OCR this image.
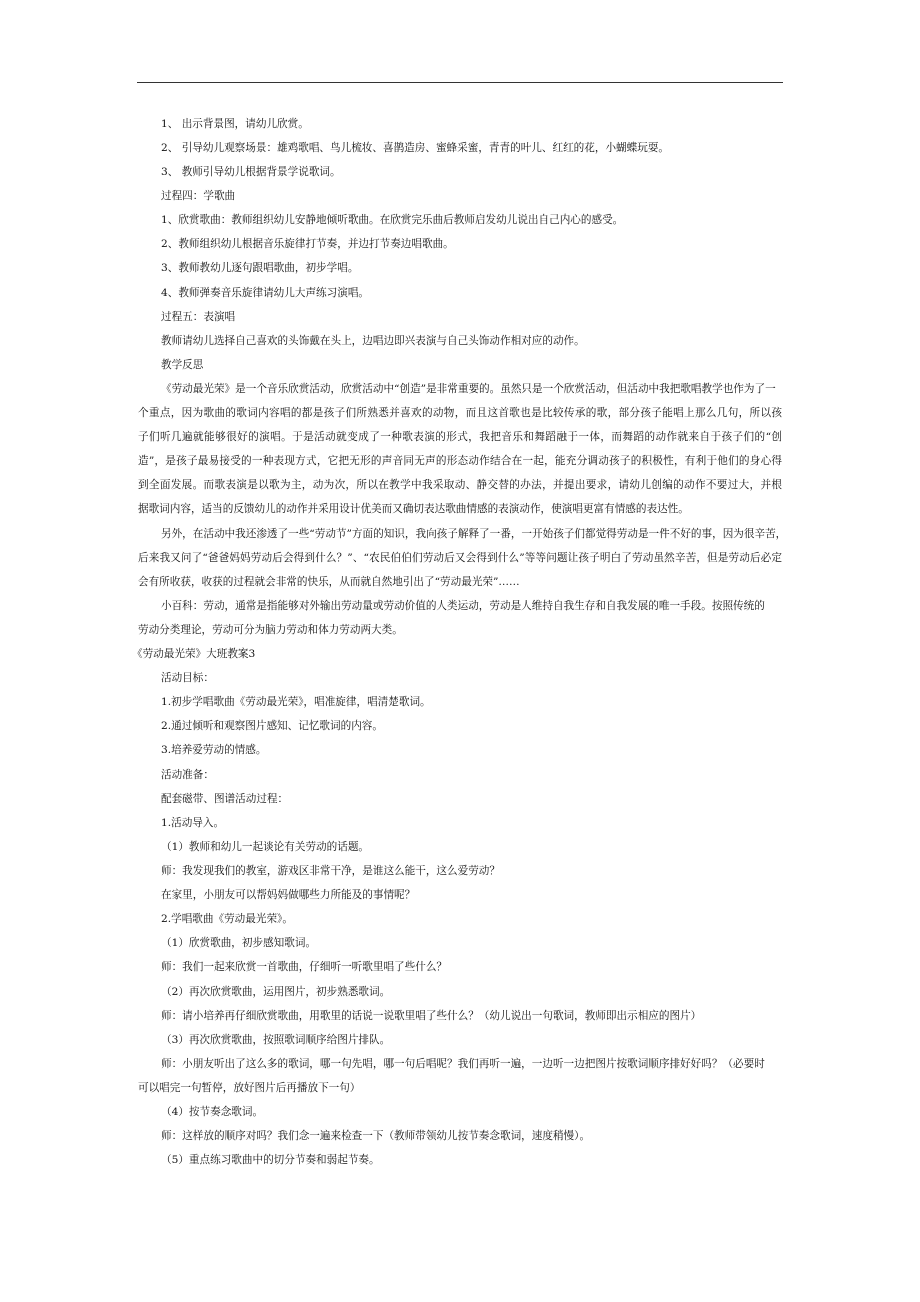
1、 出示背景图，请幼儿欣赏。
2、 引导幼儿观察场景：雄鸡歌唱、鸟儿梳妆、喜鹊造房、蜜蜂采蜜，青青的叶儿、红红的花，小蝴蝶玩耍。
3、 教师引导幼儿根据背景学说歌词。
过程四：学歌曲
1、欣赏歌曲：教师组织幼儿安静地倾听歌曲。在欣赏完乐曲后教师启发幼儿说出自己内心的感受。
2、教师组织幼儿根据音乐旋律打节奏，并边打节奏边唱歌曲。
3、教师教幼儿逐句跟唱歌曲，初步学唱。
4、教师弹奏音乐旋律请幼儿大声练习演唱。
过程五：表演唱
教师请幼儿选择自己喜欢的头饰戴在头上，边唱边即兴表演与自己头饰动作相对应的动作。
教学反思
《劳动最光荣》是一个音乐欣赏活动，欣赏活动中“创造”是非常重要的。虽然只是一个欣赏活动，但活动中我把歌唱教学也作为了一
个重点，因为歌曲的歌词内容唱的都是孩子们所熟悉并喜欢的动物，而且这首歌也是比较传承的歌，部分孩子能唱上那么几句，所以孩
子们听几遍就能够很好的演唱。于是活动就变成了一种歌表演的形式，我把音乐和舞蹈融于一体，而舞蹈的动作就来自于孩子们的“创
造”，是孩子最易接受的一种表现方式，它把无形的声音同无声的形态动作结合在一起，能充分调动孩子的积极性，有利于他们的身心得
到全面发展。而歌表演是以歌为主，动为次，所以在教学中我采取动、静交替的办法，并提出要求，请幼儿创编的动作不要过大，并根
据歌词内容，适当的反馈幼儿的动作并采用设计优美而又确切表达歌曲情感的表演动作，使演唱更富有情感的表达性。
另外，在活动中我还渗透了一些“劳动节”方面的知识，我向孩子解释了一番，一开始孩子们都觉得劳动是一件不好的事，因为很辛苦，
后来我又问了“爸爸妈妈劳动后会得到什么？”、“农民伯伯们劳动后又会得到什么”等等问题让孩子明白了劳动虽然辛苦，但是劳动后必定
会有所收获，收获的过程就会非常的快乐，从而就自然地引出了“劳动最光荣”……
小百科：劳动，通常是指能够对外输出劳动量或劳动价值的人类运动，劳动是人维持自我生存和自我发展的唯一手段。按照传统的
劳动分类理论，劳动可分为脑力劳动和体力劳动两大类。
《劳动最光荣》大班教案3
活动目标：
1.初步学唱歌曲《劳动最光荣》，唱准旋律，唱清楚歌词。
2.通过倾听和观察图片感知、记忆歌词的内容。
3.培养爱劳动的情感。
活动准备：
配套磁带、图谱活动过程：
1.活动导入。
（1）教师和幼儿一起谈论有关劳动的话题。
师：我发现我们的教室，游戏区非常干净，是谁这么能干，这么爱劳动？
在家里，小朋友可以帮妈妈做哪些力所能及的事情呢？
2.学唱歌曲《劳动最光荣》。
（1）欣赏歌曲，初步感知歌词。
师：我们一起来欣赏一首歌曲，仔细听一听歌里唱了些什么？
（2）再次欣赏歌曲，运用图片，初步熟悉歌词。
师：请小培养再仔细欣赏歌曲，用歌里的话说一说歌里唱了些什么？（幼儿说出一句歌词，教师即出示相应的图片）
（3）再次欣赏歌曲，按照歌词顺序给图片排队。
师：小朋友听出了这么多的歌词，哪一句先唱，哪一句后唱呢？我们再听一遍，一边听一边把图片按歌词顺序排好好吗？（必要时
可以唱完一句暂停，放好图片后再播放下一句）
（4）按节奏念歌词。
师：这样放的顺序对吗？我们念一遍来检查一下（教师带领幼儿按节奏念歌词，速度稍慢）。
（5）重点练习歌曲中的切分节奏和弱起节奏。
